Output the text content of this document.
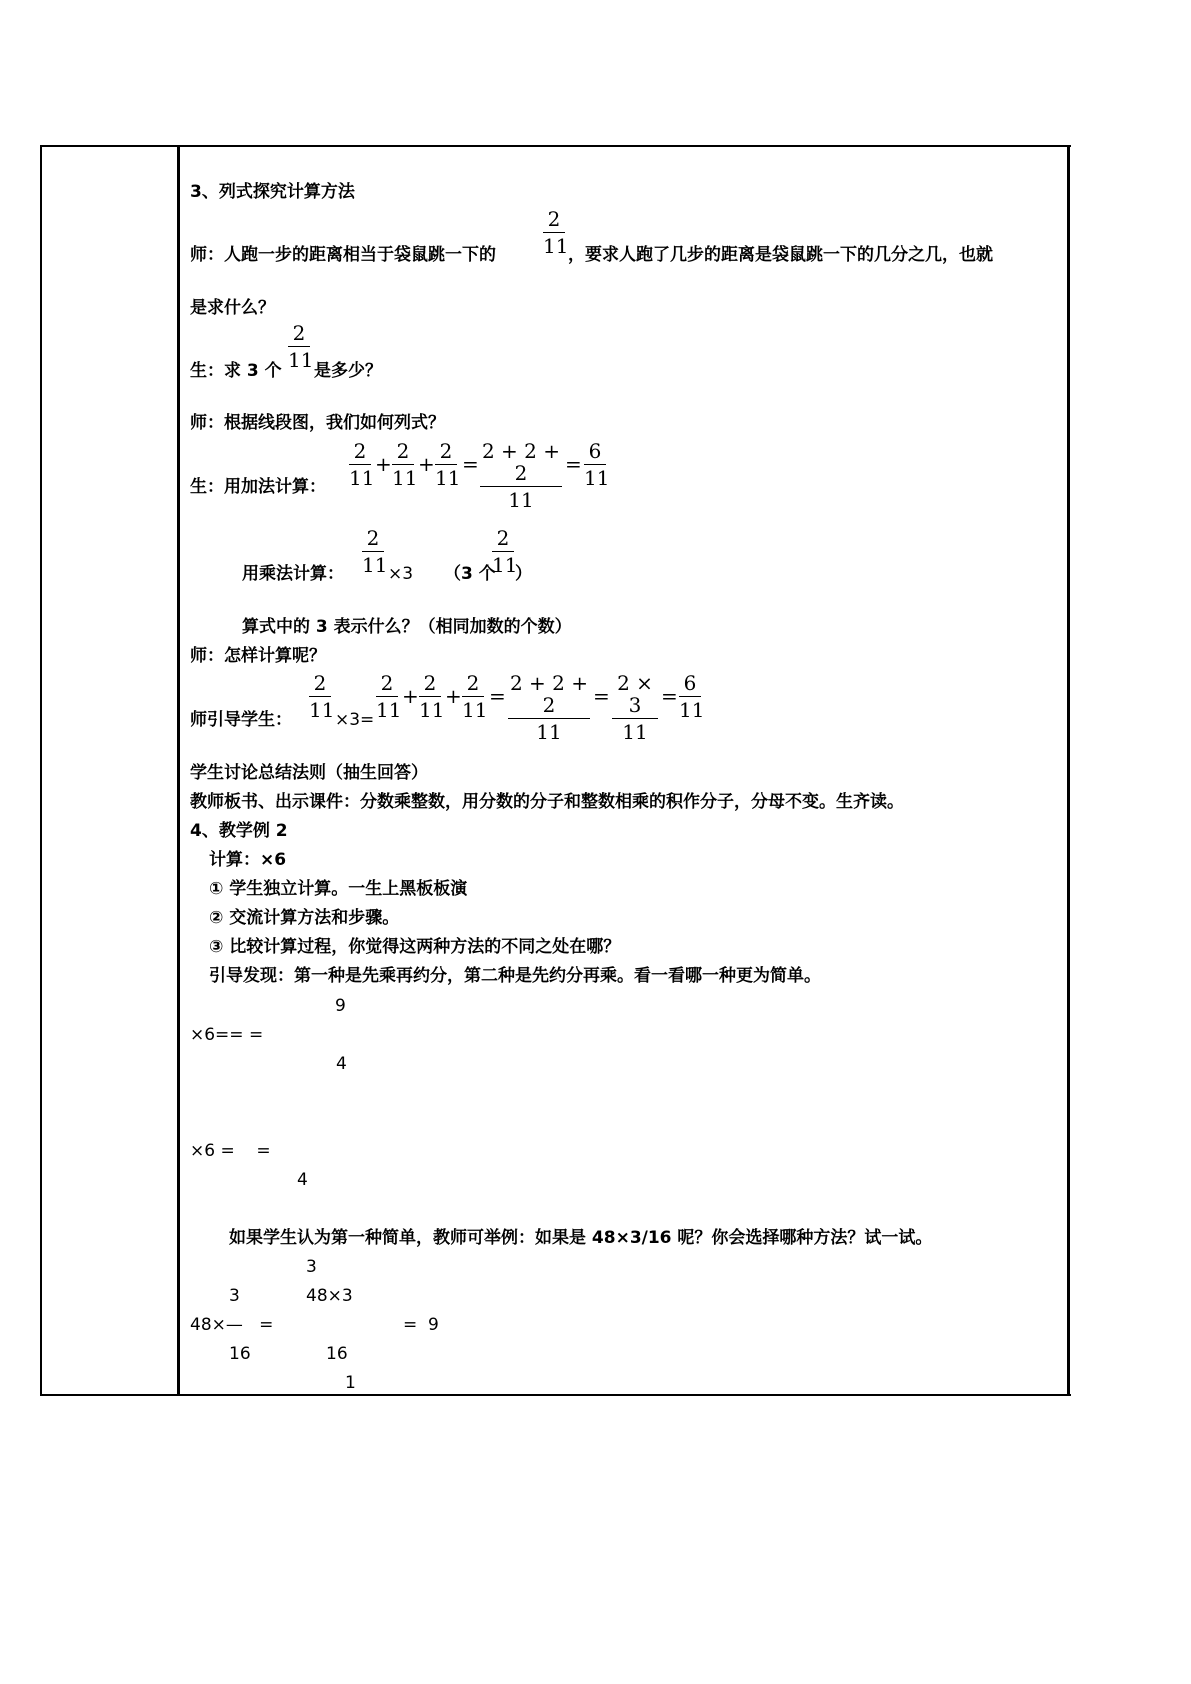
3、列式探究计算方法
师：人跑一步的距离相当于袋鼠跳一下的
2
11 ，要求人跑了几步的距离是袋鼠跳一下的几分之几，也就
是求什么？
生：求 3 个
2
11 是多少？
师：根据线段图，我们如何列式？
生：用加法计算：
2
11
+
2
11
+
2
11
=
2 + 2 + 2
11
=
6
11
用乘法计算：
2
11 ×3 （3 个
2
11
）
算式中的 3 表示什么？（相同加数的个数）
师：怎样计算呢？
师引导学生：
2
11 ×3=
2
11
+
2
11
+
2
11
=
2 + 2 + 2
11
=
2 × 3
11
=
6
11
学生讨论总结法则（抽生回答）
教师板书、出示课件：分数乘整数，用分数的分子和整数相乘的积作分子，分母不变。生齐读。
4、教学例 2
计算：×6
① 学生独立计算。一生上黑板板演
② 交流计算方法和步骤。
③ 比较计算过程，你觉得这两种方法的不同之处在哪？
引导发现：第一种是先乘再约分，第二种是先约分再乘。看一看哪一种更为简单。
9
×6== =
4
×6 =    =
4
如果学生认为第一种简单，教师可举例：如果是 48×3/16 呢？你会选择哪种方法？试一试。
3
3	48×3
48×—   =	=  9
16	16
1
